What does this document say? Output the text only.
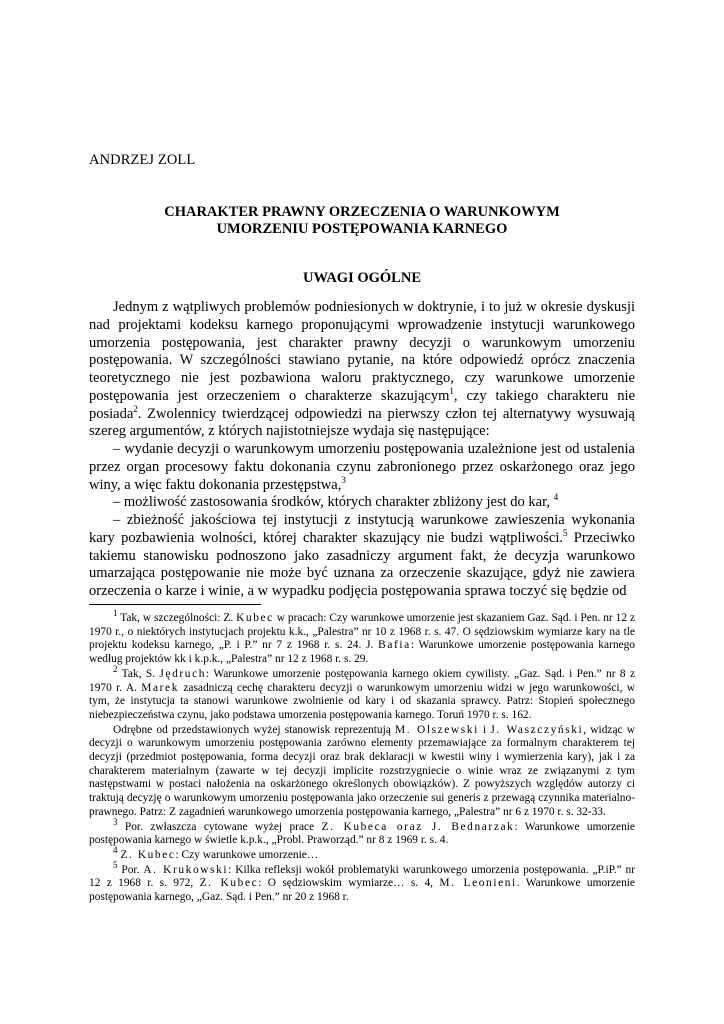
ANDRZEJ ZOLL
CHARAKTER PRAWNY ORZECZENIA O WARUNKOWYM
UMORZENIU POSTĘPOWANIA KARNEGO
UWAGI OGÓLNE

Jednym z wątpliwych problemów podniesionych w doktrynie, i to już w okresie dyskusji nad projektami kodeksu karnego proponującymi wprowadzenie instytucji warunkowego umorzenia postępowania, jest charakter prawny decyzji o warunkowym umorzeniu postępowania. W szczególności stawiano pytanie, na które odpowiedź oprócz znaczenia teoretycznego nie jest pozbawiona waloru praktycznego, czy warunkowe umorzenie postępowania jest orzeczeniem o charakterze skazującym$^1$, czy takiego charakteru nie posiada$^2$. Zwolennicy twierdzącej odpowiedzi na pierwszy człon tej alternatywy wysuwają szereg argumentów, z których najistotniejsze wydaja się następujące:

– wydanie decyzji o warunkowym umorzeniu postępowania uzależnione jest od ustalenia przez organ procesowy faktu dokonania czynu zabronionego przez oskarżonego oraz jego winy, a więc faktu dokonania przestępstwa,$^3$

– możliwość zastosowania środków, których charakter zbliżony jest do kar, $^4$

– zbieżność jakościowa tej instytucji z instytucją warunkowe zawieszenia wykonania kary pozbawienia wolności, której charakter skazujący nie budzi wątpliwości.$^5$ Przeciwko takiemu stanowisku podnoszono jako zasadniczy argument fakt, że decyzja warunkowo umarzająca postępowanie nie może być uznana za orzeczenie skazujące, gdyż nie zawiera orzeczenia o karze i winie, a w wypadku podjęcia postępowania sprawa toczyć się będzie od

$^1$ Tak, w szczególności: Z. Kubec w pracach: Czy warunkowe umorzenie jest skazaniem Gaz. Sąd. i Pen. nr 12 z 1970 r., o niektórych instytucjach projektu k.k., „Palestra” nr 10 z 1968 r. s. 47. O sędziowskim wymiarze kary na tle projektu kodeksu karnego, „P. i P.” nr 7 z 1968 r. s. 24. J. Bafia: Warunkowe umorzenie postępowania karnego według projektów kk i k.p.k., „Palestra” nr 12 z 1968 r. s. 29.

$^2$ Tak, S. Jędruch: Warunkowe umorzenie postępowania karnego okiem cywilisty. „Gaz. Sąd. i Pen.” nr 8 z 1970 r. A. Marek zasadniczą cechę charakteru decyzji o warunkowym umorzeniu widzi w jego warunkowości, w tym, że instytucja ta stanowi warunkowe zwolnienie od kary i od skazania sprawcy. Patrz: Stopień społecznego niebezpieczeństwa czynu, jako podstawa umorzenia postępowania karnego. Toruń 1970 r. s. 162.

Odrębne od przedstawionych wyżej stanowisk reprezentują M. Olszewski i J. Waszczyński, widząc w decyzji o warunkowym umorzeniu postępowania zarówno elementy przemawiające za formalnym charakterem tej decyzji (przedmiot postępowania, forma decyzji oraz brak deklaracji w kwestii winy i wymierzenia kary), jak i za charakterem materialnym (zawarte w tej decyzji implicite rozstrzygniecie o winie wraz ze związanymi z tym następstwami w postaci nałożenia na oskarżonego określonych obowiązków). Z powyższych względów autorzy ci traktują decyzję o warunkowym umorzeniu postępowania jako orzeczenie sui generis z przewagą czynnika materialno-prawnego. Patrz: Z zagadnień warunkowego umorzenia postępowania karnego, „Palestra” nr 6 z 1970 r. s. 32-33.

$^3$ Por. zwłaszcza cytowane wyżej prace Z. Kubeca oraz J. Bednarzak: Warunkowe umorzenie postępowania karnego w świetle k.p.k., „Probl. Praworząd.” nr 8 z 1969 r. s. 4.

$^4$ Z. Kubec: Czy warunkowe umorzenie…

$^5$ Por. A. Krukowski: Kilka refleksji wokół problematyki warunkowego umorzenia postępowania. „P.iP.” nr 12 z 1968 r. s. 972, Z. Kubec: O sędziowskim wymiarze… s. 4, M. Leonieni. Warunkowe umorzenie postępowania karnego, „Gaz. Sąd. i Pen.” nr 20 z 1968 r.
